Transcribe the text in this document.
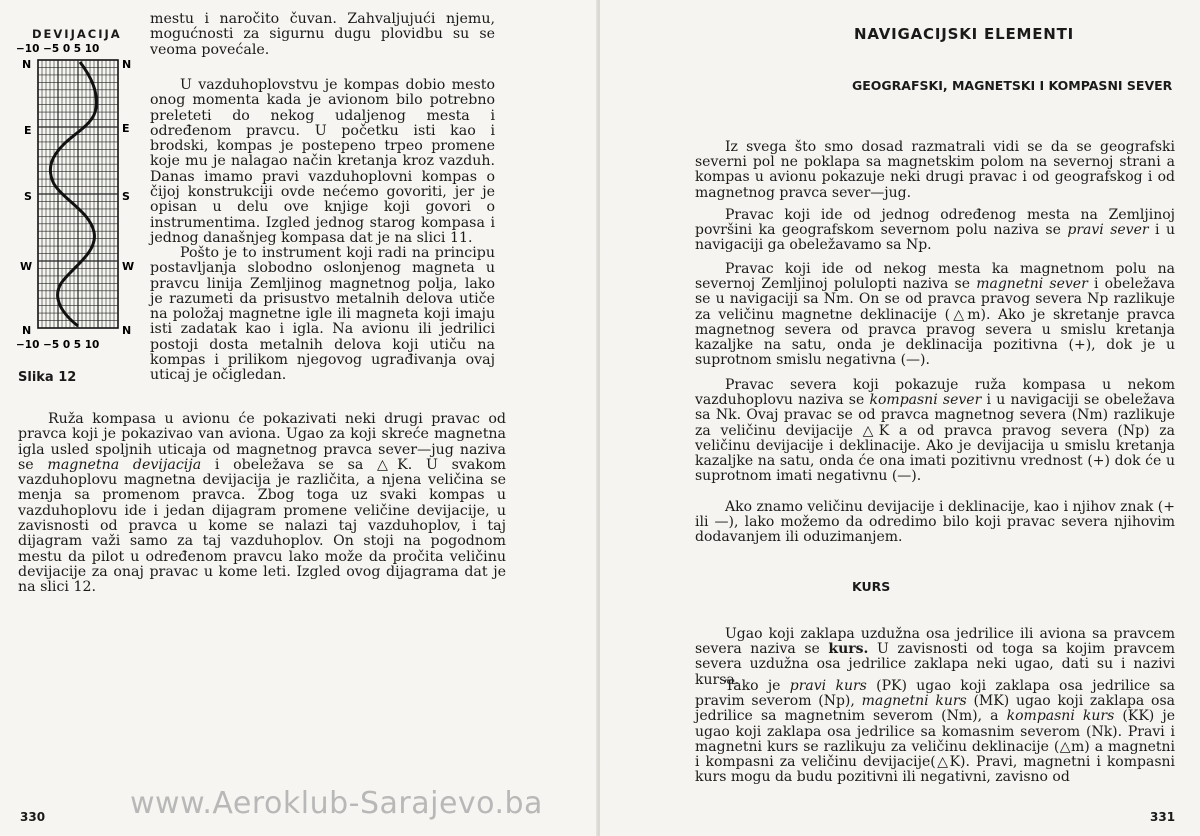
DEVIJACIJA
−10 −5 0 5 10
N
E
S
W
N
N
E
S
W
N
−10 −5 0 5 10
Slika 12

mestu i naročito čuvan. Zahvaljujući njemu, mogućnosti za sigurnu dugu plovidbu su se veoma povećale.

U vazduhoplovstvu je kompas dobio mesto onog momenta kada je avionom bilo potrebno preleteti do nekog udaljenog mesta i određenom pravcu. U početku isti kao i brodski, kompas je postepeno trpeo promene koje mu je nalagao način kretanja kroz vazduh. Danas imamo pravi vazduhoplovni kompas o čijoj konstrukciji ovde nećemo govoriti, jer je opisan u delu ove knjige koji govori o instrumentima. Izgled jednog starog kompasa i jednog današnjeg kompasa dat je na slici 11.

Pošto je to instrument koji radi na principu postavljanja slobodno oslonjenog magneta u pravcu linija Zemljinog magnetnog polja, lako je razumeti da prisustvo metalnih delova utiče na položaj magnetne igle ili magneta koji imaju isti zadatak kao i igla. Na avionu ili jedrilici postoji dosta metalnih delova koji utiču na kompas i prilikom njegovog ugrađivanja ovaj uticaj je očigledan.

Ruža kompasa u avionu će pokazivati neki drugi pravac od pravca koji je pokazivao van aviona. Ugao za koji skreće magnetna igla usled spoljnih uticaja od magnetnog pravca sever—jug naziva se magnetna devijacija i obeležava se sa △K. U svakom vazduhoplovu magnetna devijacija je različita, a njena veličina se menja sa promenom pravca. Zbog toga uz svaki kompas u vazduhoplovu ide i jedan dijagram promene veličine devijacije, u zavisnosti od pravca u kome se nalazi taj vazduhoplov, i taj dijagram važi samo za taj vazduhoplov. On stoji na pogodnom mestu da pilot u određenom pravcu lako može da pročita veličinu devijacije za onaj pravac u kome leti. Izgled ovog dijagrama dat je na slici 12.

330
NAVIGACIJSKI ELEMENTI
GEOGRAFSKI, MAGNETSKI I KOMPASNI SEVER

Iz svega što smo dosad razmatrali vidi se da se geografski severni pol ne poklapa sa magnetskim polom na severnoj strani a kompas u avionu pokazuje neki drugi pravac i od geografskog i od magnetnog pravca sever—jug.

Pravac koji ide od jednog određenog mesta na Zemljinoj površini ka geografskom severnom polu naziva se pravi sever i u navigaciji ga obeležavamo sa Np.

Pravac koji ide od nekog mesta ka magnetnom polu na severnoj Zemljinoj polulopti naziva se magnetni sever i obeležava se u navigaciji sa Nm. On se od pravca pravog severa Np razlikuje za veličinu magnetne deklinacije (△m). Ako je skretanje pravca magnetnog severa od pravca pravog severa u smislu kretanja kazaljke na satu, onda je deklinacija pozitivna (+), dok je u suprotnom smislu negativna (—).

Pravac severa koji pokazuje ruža kompasa u nekom vazduhoplovu naziva se kompasni sever i u navigaciji se obeležava sa Nk. Ovaj pravac se od pravca magnetnog severa (Nm) razlikuje za veličinu devijacije △K a od pravca pravog severa (Np) za veličinu devijacije i deklinacije. Ako je devijacija u smislu kretanja kazaljke na satu, onda će ona imati pozitivnu vrednost (+) dok će u suprotnom imati negativnu (—).

Ako znamo veličinu devijacije i deklinacije, kao i njihov znak (+ ili —), lako možemo da odredimo bilo koji pravac severa njihovim dodavanjem ili oduzimanjem.

KURS

Ugao koji zaklapa uzdužna osa jedrilice ili aviona sa pravcem severa naziva se kurs. U zavisnosti od toga sa kojim pravcem severa uzdužna osa jedrilice zaklapa neki ugao, dati su i nazivi kursa.

Tako je pravi kurs (PK) ugao koji zaklapa osa jedrilice sa pravim severom (Np), magnetni kurs (MK) ugao koji zaklapa osa jedrilice sa magnetnim severom (Nm), a kompasni kurs (KK) je ugao koji zaklapa osa jedrilice sa komasnim severom (Nk). Pravi i magnetni kurs se razlikuju za veličinu deklinacije (△m) a magnetni i kompasni za veličinu devijacije(△K). Pravi, magnetni i kompasni kurs mogu da budu pozitivni ili negativni, zavisno od

331
www.Aeroklub-Sarajevo.ba
